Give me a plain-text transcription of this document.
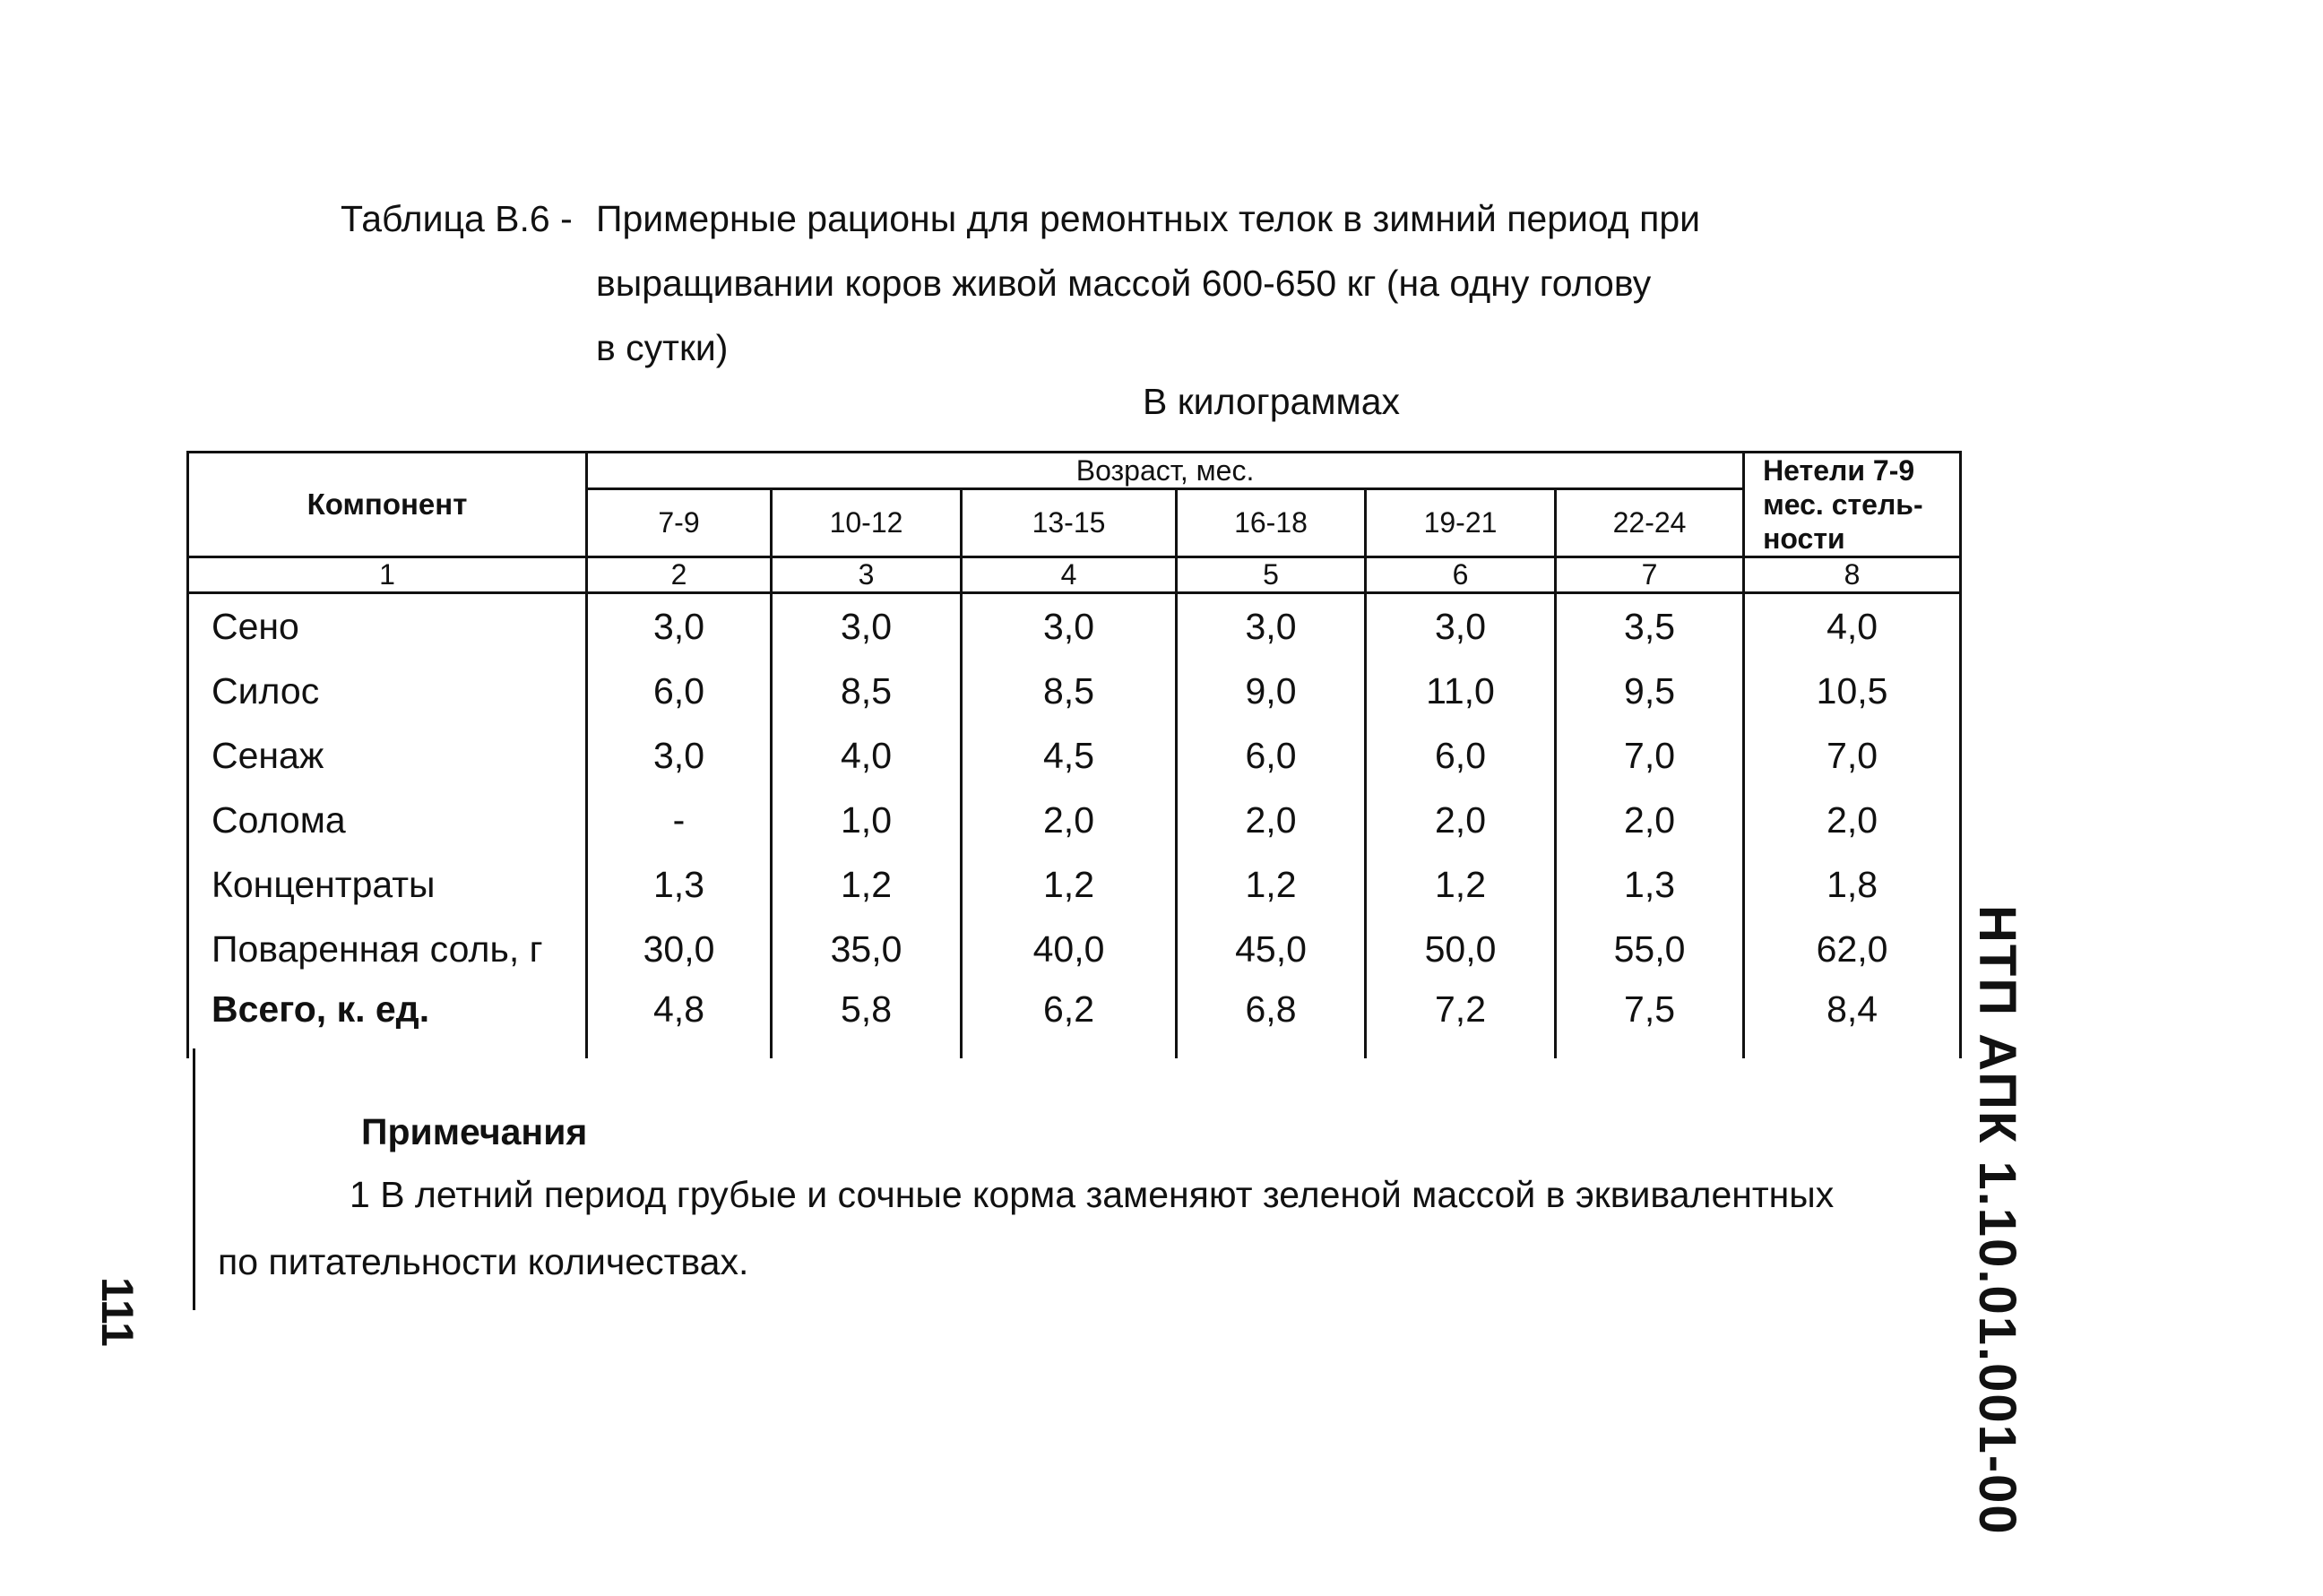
Таблица В.6 - Примерные рационы для ремонтных телок в зимний период при
выращивании коров живой массой 600-650 кг (на одну голову
в сутки)
В килограммах
Компонент	Возраст, мес.						Нетели 7-9 мес. стель-ности
	7-9	10-12	13-15	16-18	19-21	22-24	
1	2	3	4	5	6	7	8
Сено	3,0	3,0	3,0	3,0	3,0	3,5	4,0
Силос	6,0	8,5	8,5	9,0	11,0	9,5	10,5
Сенаж	3,0	4,0	4,5	6,0	6,0	7,0	7,0
Солома	-	1,0	2,0	2,0	2,0	2,0	2,0
Концентраты	1,3	1,2	1,2	1,2	1,2	1,3	1,8
Поваренная соль, г	30,0	35,0	40,0	45,0	50,0	55,0	62,0
Всего, к. ед.	4,8	5,8	6,2	6,8	7,2	7,5	8,4
Примечания
1 В летний период грубые и сочные корма заменяют зеленой массой в эквивалентных
по питательности количествах.	НТП АПК 1.10.01.001-00
111
